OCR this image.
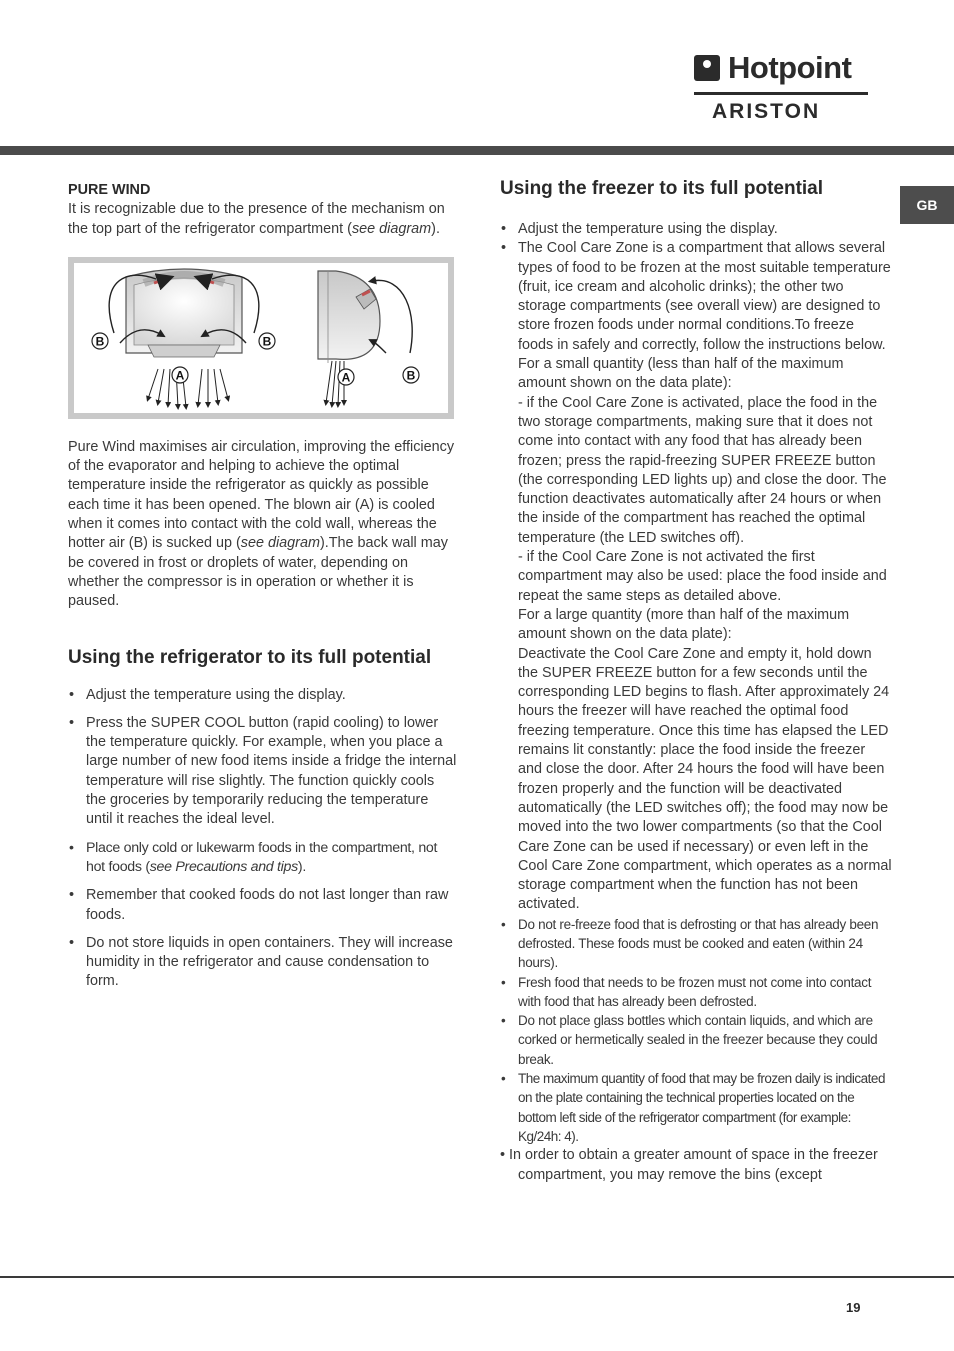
Hotpoint
ARISTON
GB
PURE WIND

It is recognizable due to the presence of the mechanism on the top part of the refrigerator compartment (see diagram).

B	B
A	A	B

Pure Wind maximises air circulation, improving the efficiency of the evaporator and helping to achieve the optimal temperature inside the refrigerator as quickly as possible each time it has been opened. The blown air (A) is cooled when it comes into contact with the cold wall, whereas the hotter air (B) is sucked up (see diagram).The back wall may be covered in frost or droplets of water, depending on whether the compressor is in operation or whether it is paused.

Using the refrigerator to its full potential
• Adjust the temperature using the display.
• Press the SUPER COOL button (rapid cooling) to lower the temperature quickly. For example, when you place a large number of new food items inside a fridge the internal temperature will rise slightly. The function quickly cools the groceries by temporarily reducing the temperature until it reaches the ideal level.
• Place only cold or lukewarm foods in the compartment, not hot foods (see Precautions and tips).
• Remember that cooked foods do not last longer than raw foods.
• Do not store liquids in open containers. They will increase humidity in the refrigerator and cause condensation to form.
Using the freezer to its full potential
• Adjust the temperature using the display.

• The Cool Care Zone is a compartment that allows several types of food to be frozen at the most suitable temperature (fruit, ice cream and alcoholic drinks); the other two storage compartments (see overall view) are designed to store frozen foods under normal conditions.To freeze foods in safely and correctly, follow the instructions below.

For a small quantity (less than half of the maximum amount shown on the data plate):

- if the Cool Care Zone is activated, place the food in the two storage compartments, making sure that it does not come into contact with any food that has already been frozen; press the rapid-freezing SUPER FREEZE button (the corresponding LED lights up) and close the door. The function deactivates automatically after 24 hours or when the inside of the compartment has reached the optimal temperature (the LED switches off).

- if the Cool Care Zone is not activated the first compartment may also be used: place the food inside and repeat the same steps as detailed above.

For a large quantity (more than half of the maximum amount shown on the data plate):

Deactivate the Cool Care Zone and empty it, hold down the SUPER FREEZE button for a few seconds until the corresponding LED begins to flash. After approximately 24 hours the freezer will have reached the optimal food freezing temperature. Once this time has elapsed the LED remains lit constantly: place the food inside the freezer and close the door. After 24 hours the food will have been frozen properly and the function will be deactivated automatically (the LED switches off); the food may now be moved into the two lower compartments (so that the Cool Care Zone can be used if necessary) or even left in the Cool Care Zone compartment, which operates as a normal storage compartment when the function has not been activated.

• Do not re-freeze food that is defrosting or that has already been defrosted. These foods must be cooked and eaten (within 24 hours).
• Fresh food that needs to be frozen must not come into contact with food that has already been defrosted.
• Do not place glass bottles which contain liquids, and which are corked or hermetically sealed in the freezer because they could break.
• The maximum quantity of food that may be frozen daily is indicated on the plate containing the technical properties located on the bottom left side of the refrigerator compartment (for example: Kg/24h: 4).
• In order to obtain a greater amount of space in the freezer compartment, you may remove the bins (except
19
